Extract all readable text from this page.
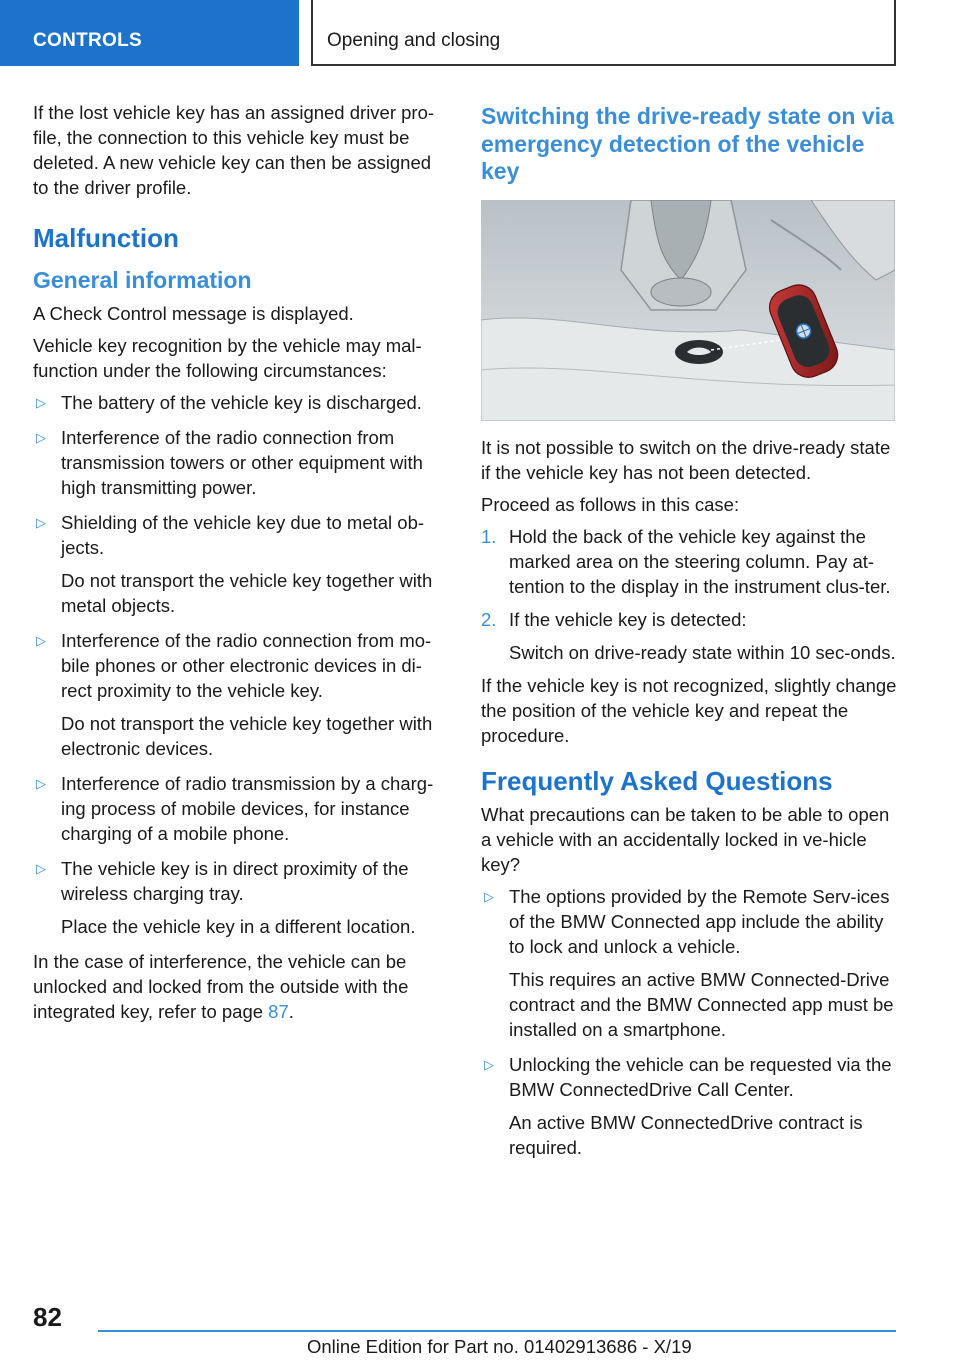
CONTROLS	Opening and closing

If the lost vehicle key has an assigned driver pro-file, the connection to this vehicle key must be deleted. A new vehicle key can then be assigned to the driver profile.

Malfunction
General information

A Check Control message is displayed.

Vehicle key recognition by the vehicle may mal-function under the following circumstances:

▷ The battery of the vehicle key is discharged.
▷ Interference of the radio connection from transmission towers or other equipment with high transmitting power.
▷ Shielding of the vehicle key due to metal ob-jects.
Do not transport the vehicle key together with metal objects.
▷ Interference of the radio connection from mo-bile phones or other electronic devices in di-rect proximity to the vehicle key.
Do not transport the vehicle key together with electronic devices.
▷ Interference of radio transmission by a charg-ing process of mobile devices, for instance charging of a mobile phone.
▷ The vehicle key is in direct proximity of the wireless charging tray.
Place the vehicle key in a different location.

In the case of interference, the vehicle can be unlocked and locked from the outside with the integrated key, refer to page 87.

Switching the drive-ready state on via emergency detection of the vehicle key

It is not possible to switch on the drive-ready state if the vehicle key has not been detected.

Proceed as follows in this case:

1. Hold the back of the vehicle key against the marked area on the steering column. Pay at-tention to the display in the instrument clus-ter.
2. If the vehicle key is detected:
Switch on drive-ready state within 10 sec-onds.

If the vehicle key is not recognized, slightly change the position of the vehicle key and repeat the procedure.

Frequently Asked Questions

What precautions can be taken to be able to open a vehicle with an accidentally locked in ve-hicle key?

▷ The options provided by the Remote Serv-ices of the BMW Connected app include the ability to lock and unlock a vehicle.
This requires an active BMW Connected-Drive contract and the BMW Connected app must be installed on a smartphone.
▷ Unlocking the vehicle can be requested via the BMW ConnectedDrive Call Center.
An active BMW ConnectedDrive contract is required.
82
Online Edition for Part no. 01402913686 - X/19
